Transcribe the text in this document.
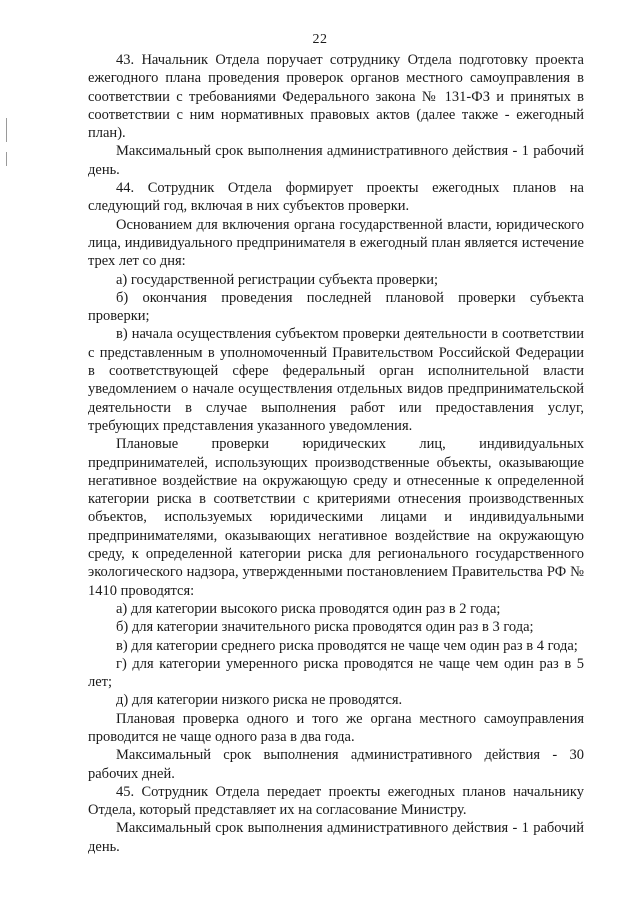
22

43. Начальник Отдела поручает сотруднику Отдела подготовку проекта ежегодного плана проведения проверок органов местного самоуправления в соответствии с требованиями Федерального закона № 131-ФЗ и принятых в соответствии с ним нормативных правовых актов (далее также - ежегодный план).

Максимальный срок выполнения административного действия - 1 рабочий день.

44. Сотрудник Отдела формирует проекты ежегодных планов на следующий год, включая в них субъектов проверки.

Основанием для включения органа государственной власти, юридического лица, индивидуального предпринимателя в ежегодный план является истечение трех лет со дня:

а) государственной регистрации субъекта проверки;

б) окончания проведения последней плановой проверки субъекта проверки;

в) начала осуществления субъектом проверки деятельности в соответствии с представленным в уполномоченный Правительством Российской Федерации в соответствующей сфере федеральный орган исполнительной власти уведомлением о начале осуществления отдельных видов предпринимательской деятельности в случае выполнения работ или предоставления услуг, требующих представления указанного уведомления.

Плановые проверки юридических лиц, индивидуальных предпринимателей, использующих производственные объекты, оказывающие негативное воздействие на окружающую среду и отнесенные к определенной категории риска в соответствии с критериями отнесения производственных объектов, используемых юридическими лицами и индивидуальными предпринимателями, оказывающих негативное воздействие на окружающую среду, к определенной категории риска для регионального государственного экологического надзора, утвержденными постановлением Правительства РФ № 1410 проводятся:

а) для категории высокого риска проводятся один раз в 2 года;

б) для категории значительного риска проводятся один раз в 3 года;

в) для категории среднего риска проводятся не чаще чем один раз в 4 года;

г) для категории умеренного риска проводятся не чаще чем один раз в 5 лет;

д) для категории низкого риска не проводятся.

Плановая проверка одного и того же органа местного самоуправления проводится не чаще одного раза в два года.

Максимальный срок выполнения административного действия - 30 рабочих дней.

45. Сотрудник Отдела передает проекты ежегодных планов начальнику Отдела, который представляет их на согласование Министру.

Максимальный срок выполнения административного действия - 1 рабочий день.
